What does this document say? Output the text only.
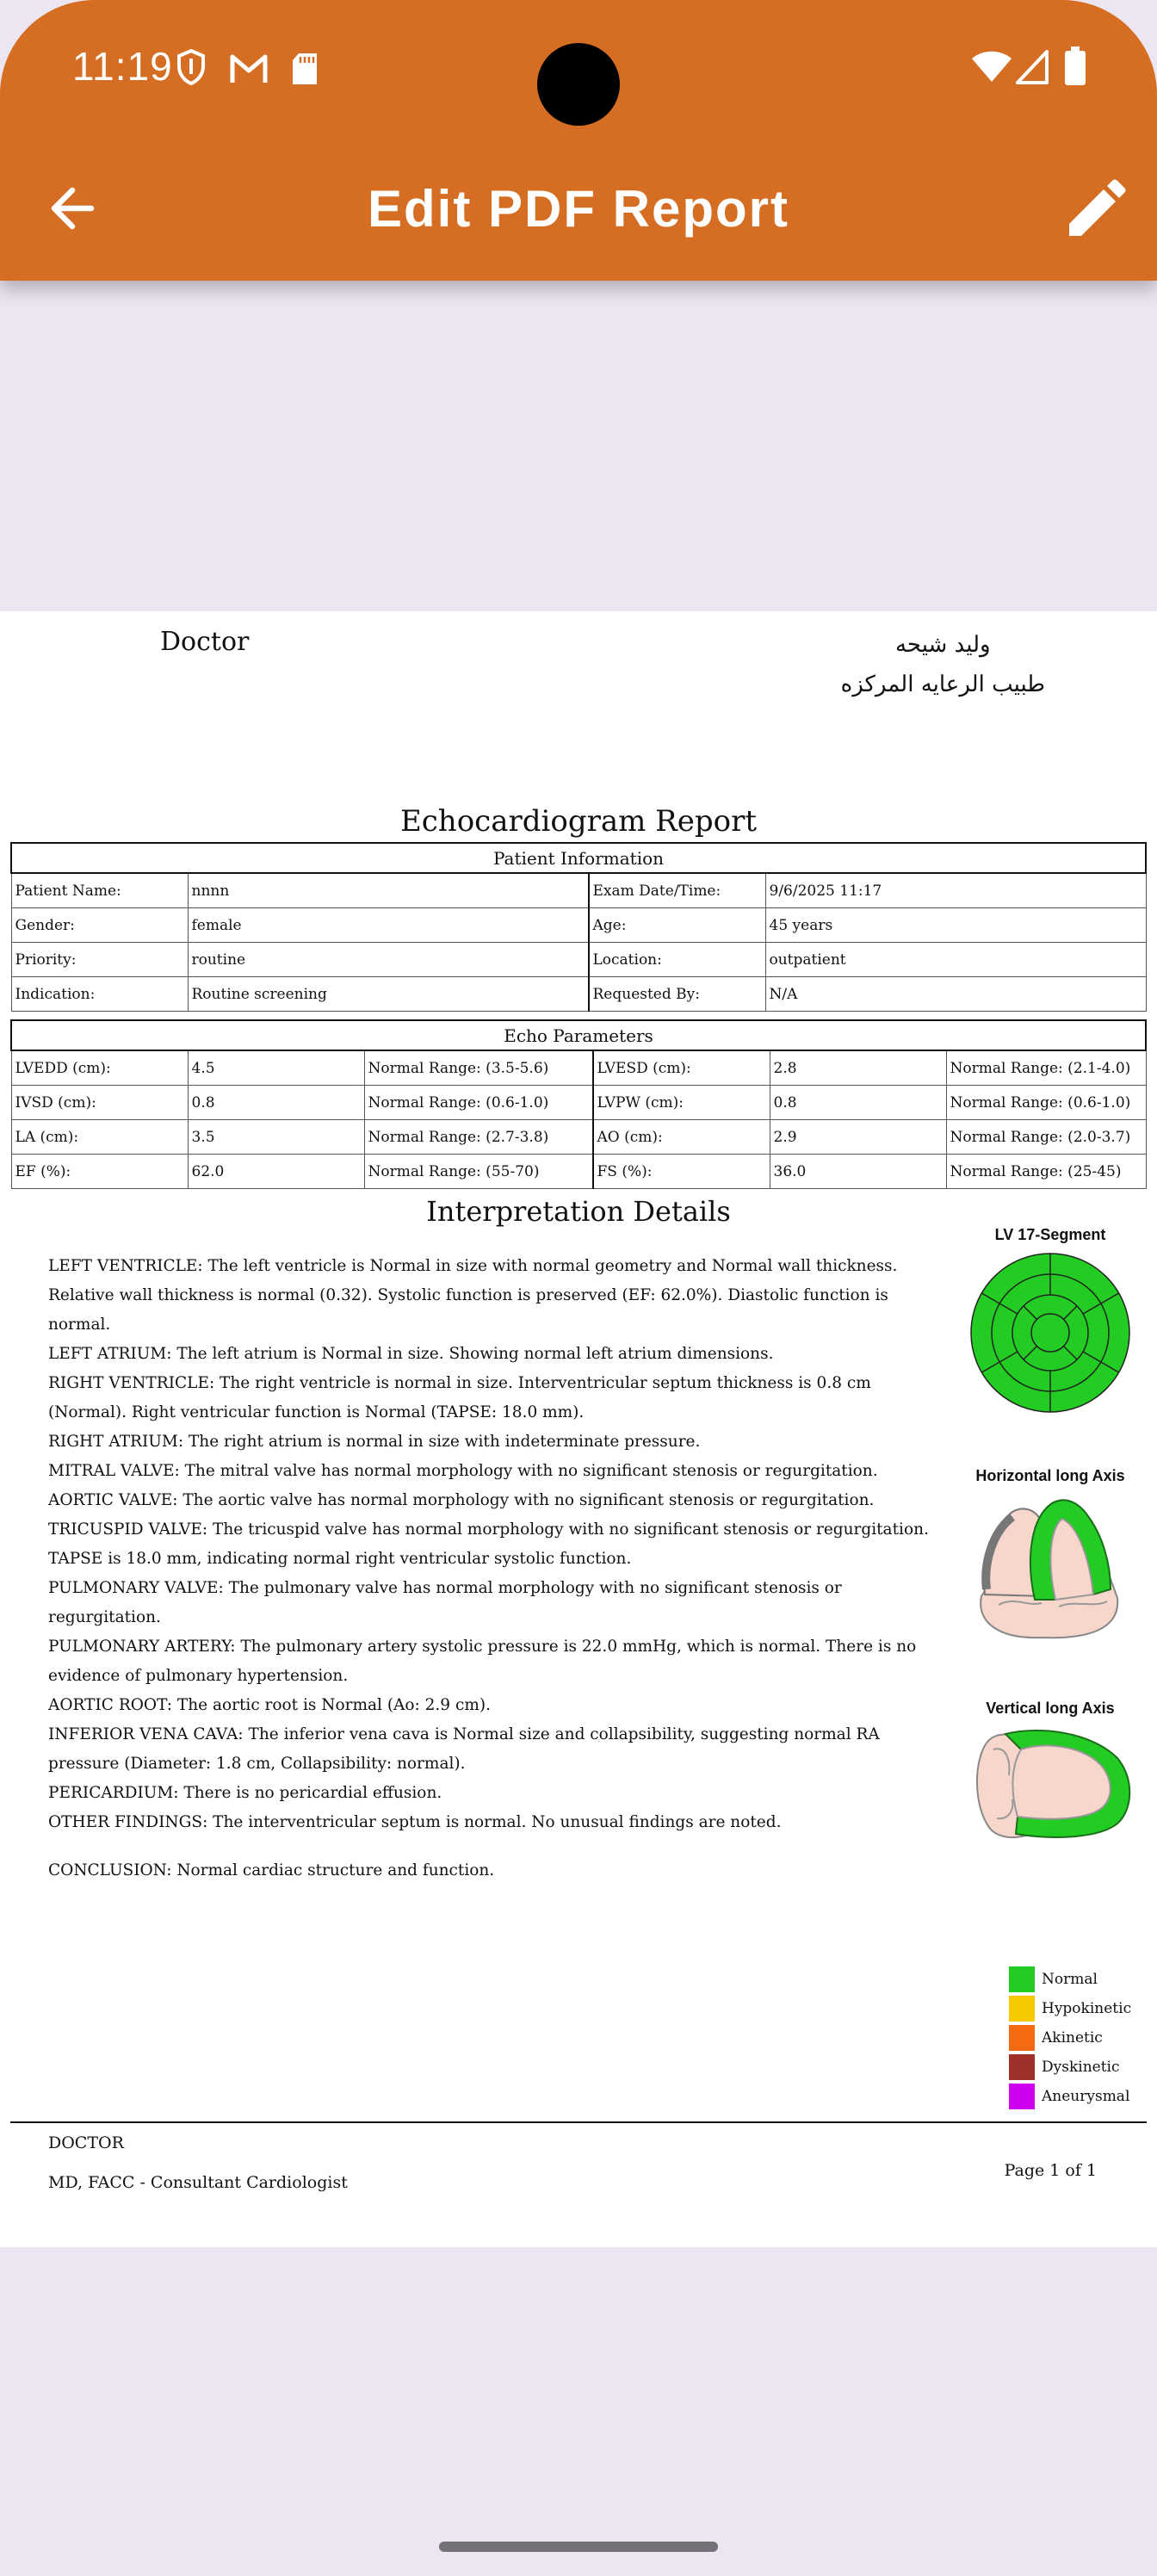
11:19
Edit PDF Report
Doctor	وليد شيحه
طبيب الرعايه المركزه
Echocardiogram Report
Patient Information			
Patient Name:	nnnn	Exam Date/Time:	9/6/2025 11:17
Gender:	female	Age:	45 years
Priority:	routine	Location:	outpatient
Indication:	Routine screening	Requested By:	N/A
Echo Parameters					
LVEDD (cm):	4.5	Normal Range: (3.5-5.6)	LVESD (cm):	2.8	Normal Range: (2.1-4.0)
IVSD (cm):	0.8	Normal Range: (0.6-1.0)	LVPW (cm):	0.8	Normal Range: (0.6-1.0)
LA (cm):	3.5	Normal Range: (2.7-3.8)	AO (cm):	2.9	Normal Range: (2.0-3.7)
EF (%):	62.0	Normal Range: (55-70)	FS (%):	36.0	Normal Range: (25-45)
Interpretation Details

LEFT VENTRICLE: The left ventricle is Normal in size with normal geometry and Normal wall thickness. Relative wall thickness is normal (0.32). Systolic function is preserved (EF: 62.0%). Diastolic function is normal.

LEFT ATRIUM: The left atrium is Normal in size. Showing normal left atrium dimensions.

RIGHT VENTRICLE: The right ventricle is normal in size. Interventricular septum thickness is 0.8 cm (Normal). Right ventricular function is Normal (TAPSE: 18.0 mm).

RIGHT ATRIUM: The right atrium is normal in size with indeterminate pressure.

MITRAL VALVE: The mitral valve has normal morphology with no significant stenosis or regurgitation.

AORTIC VALVE: The aortic valve has normal morphology with no significant stenosis or regurgitation.

TRICUSPID VALVE: The tricuspid valve has normal morphology with no significant stenosis or regurgitation. TAPSE is 18.0 mm, indicating normal right ventricular systolic function.

PULMONARY VALVE: The pulmonary valve has normal morphology with no significant stenosis or regurgitation.

PULMONARY ARTERY: The pulmonary artery systolic pressure is 22.0 mmHg, which is normal. There is no evidence of pulmonary hypertension.

AORTIC ROOT: The aortic root is Normal (Ao: 2.9 cm).

INFERIOR VENA CAVA: The inferior vena cava is Normal size and collapsibility, suggesting normal RA pressure (Diameter: 1.8 cm, Collapsibility: normal).

PERICARDIUM: There is no pericardial effusion.

OTHER FINDINGS: The interventricular septum is normal. No unusual findings are noted.

CONCLUSION: Normal cardiac structure and function.

LV 17-Segment
Horizontal long Axis
Vertical long Axis
Normal
Hypokinetic
Akinetic
Dyskinetic
Aneurysmal
DOCTOR
MD, FACC - Consultant Cardiologist
Page 1 of 1
